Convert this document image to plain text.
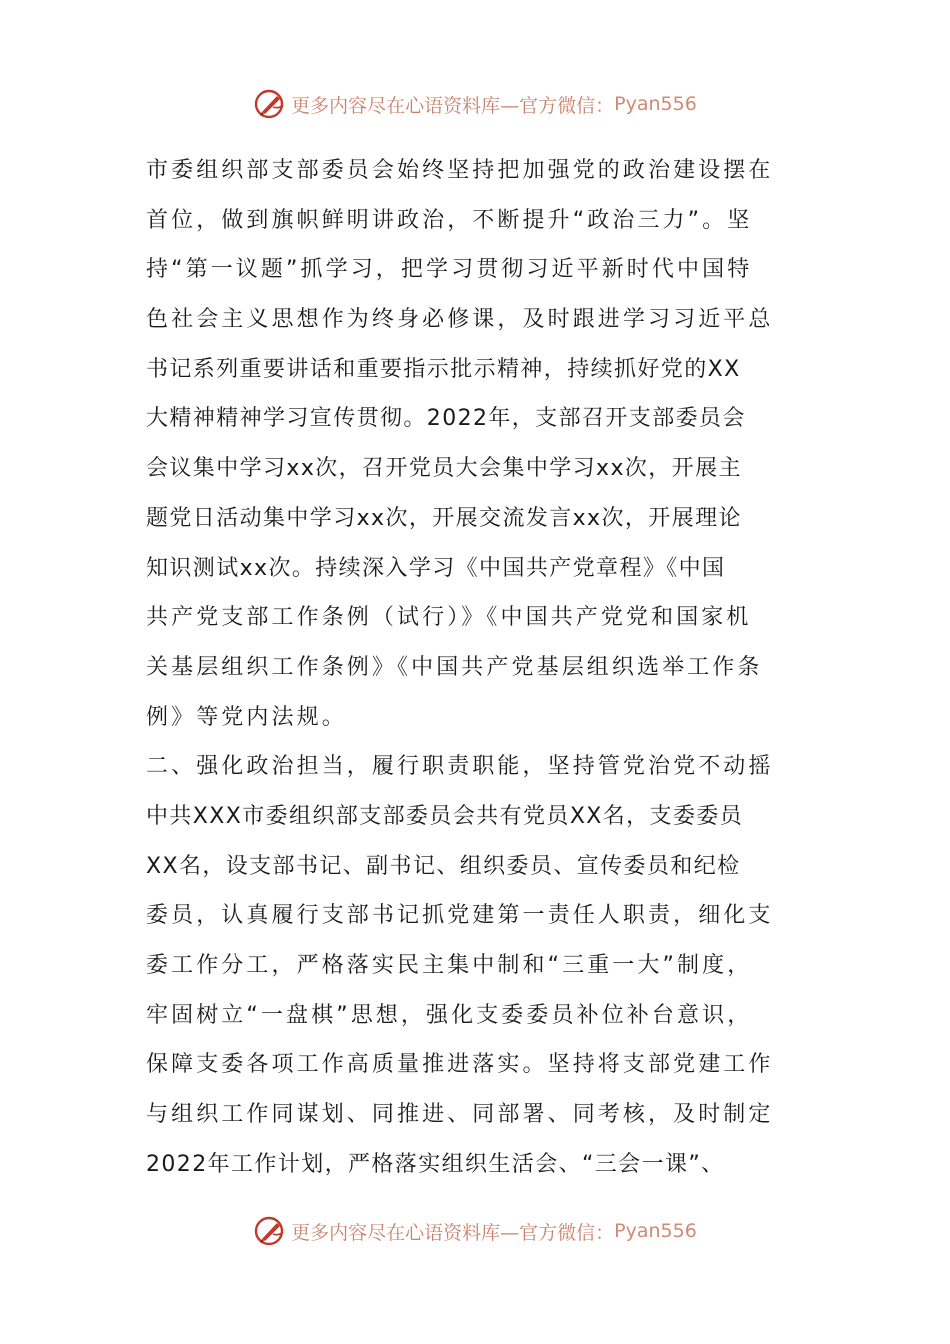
更多内容尽在心语资料库—官方微信： Pyan556
市委组织部支部委员会始终坚持把加强党的政治建设摆在
首位，做到旗帜鲜明讲政治，不断提升“政治三力”。坚
持“第一议题”抓学习，把学习贯彻习近平新时代中国特
色社会主义思想作为终身必修课，及时跟进学习习近平总
书记系列重要讲话和重要指示批示精神，持续抓好党的XX
大精神精神学习宣传贯彻。2022年，支部召开支部委员会
会议集中学习xx次，召开党员大会集中学习xx次，开展主
题党日活动集中学习xx次，开展交流发言xx次，开展理论
知识测试xx次。持续深入学习《中国共产党章程》《中国
共产党支部工作条例（试行）》《中国共产党党和国家机
关基层组织工作条例》《中国共产党基层组织选举工作条
例》等党内法规。
二、强化政治担当，履行职责职能，坚持管党治党不动摇
中共XXX市委组织部支部委员会共有党员XX名，支委委员
XX名，设支部书记、副书记、组织委员、宣传委员和纪检
委员，认真履行支部书记抓党建第一责任人职责，细化支
委工作分工，严格落实民主集中制和“三重一大”制度，
牢固树立“一盘棋”思想，强化支委委员补位补台意识，
保障支委各项工作高质量推进落实。坚持将支部党建工作
与组织工作同谋划、同推进、同部署、同考核，及时制定
2022年工作计划，严格落实组织生活会、“三会一课”、
更多内容尽在心语资料库—官方微信： Pyan556
